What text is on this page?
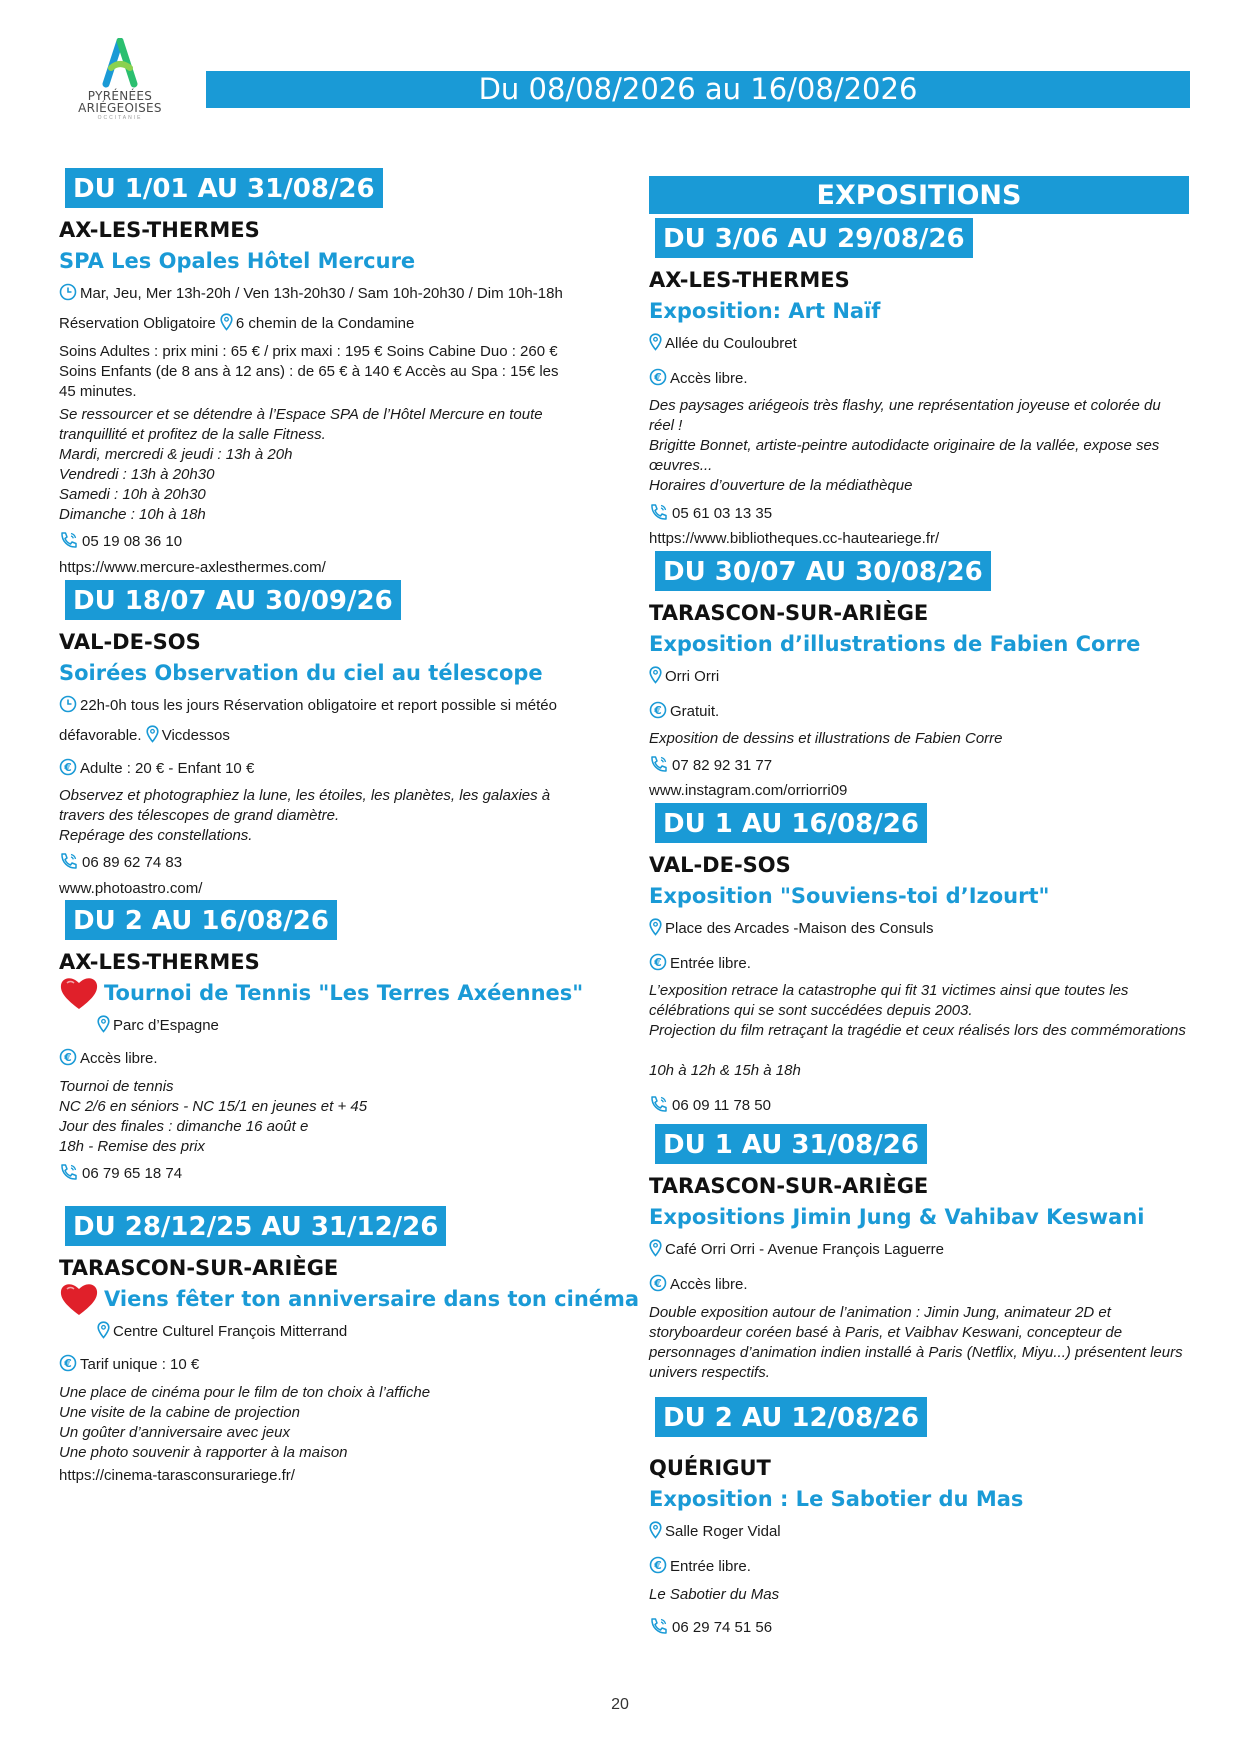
PYRÉNÉES
ARIÉGEOISES
OCCITANIE
Du 08/08/2026 au 16/08/2026
DU 1/01 AU 31/08/26
AX-LES-THERMES
SPA Les Opales Hôtel Mercure
Mar, Jeu, Mer 13h-20h / Ven 13h-20h30 / Sam 10h-20h30 / Dim 10h-18h
Réservation Obligatoire 6 chemin de la Condamine
Soins Adultes : prix mini : 65 € / prix maxi : 195 € Soins Cabine Duo : 260 € Soins Enfants (de 8 ans à 12 ans) : de 65 € à 140 € Accès au Spa : 15€ les 45 minutes.
Se ressourcer et se détendre à l’Espace SPA de l’Hôtel Mercure en toute tranquillité et profitez de la salle Fitness.
Mardi, mercredi & jeudi : 13h à 20h
Vendredi : 13h à 20h30
Samedi : 10h à 20h30
Dimanche : 10h à 18h
05 19 08 36 10
https://www.mercure-axlesthermes.com/
DU 18/07 AU 30/09/26
VAL-DE-SOS
Soirées Observation du ciel au télescope
22h-0h tous les jours Réservation obligatoire et report possible si météo
défavorable. Vicdessos
€ Adulte : 20 € - Enfant 10 €
Observez et photographiez la lune, les étoiles, les planètes, les galaxies à travers des télescopes de grand diamètre.
Repérage des constellations.
06 89 62 74 83
www.photoastro.com/
DU 2 AU 16/08/26
AX-LES-THERMES
Tournoi de Tennis "Les Terres Axéennes"
Parc d’Espagne
€ Accès libre.
Tournoi de tennis
NC 2/6 en séniors - NC 15/1 en jeunes et + 45
Jour des finales : dimanche 16 août e
18h - Remise des prix
06 79 65 18 74
DU 28/12/25 AU 31/12/26
TARASCON-SUR-ARIÈGE
Viens fêter ton anniversaire dans ton cinéma
Centre Culturel François Mitterrand
€ Tarif unique : 10 €
Une place de cinéma pour le film de ton choix à l’affiche
Une visite de la cabine de projection
Un goûter d’anniversaire avec jeux
Une photo souvenir à rapporter à la maison
https://cinema-tarasconsurariege.fr/
EXPOSITIONS
DU 3/06 AU 29/08/26
AX-LES-THERMES
Exposition: Art Naïf
Allée du Couloubret
€ Accès libre.
Des paysages ariégeois très flashy, une représentation joyeuse et colorée du réel !
Brigitte Bonnet, artiste-peintre autodidacte originaire de la vallée, expose ses œuvres...
Horaires d’ouverture de la médiathèque
05 61 03 13 35
https://www.bibliotheques.cc-hauteariege.fr/
DU 30/07 AU 30/08/26
TARASCON-SUR-ARIÈGE
Exposition d’illustrations de Fabien Corre
Orri Orri
€ Gratuit.
Exposition de dessins et illustrations de Fabien Corre
07 82 92 31 77
www.instagram.com/orriorri09
DU 1 AU 16/08/26
VAL-DE-SOS
Exposition "Souviens-toi d’Izourt"
Place des Arcades -Maison des Consuls
€ Entrée libre.
L’exposition retrace la catastrophe qui fit 31 victimes ainsi que toutes les célébrations qui se sont succédées depuis 2003.
Projection du film retraçant la tragédie et ceux réalisés lors des commémorations
10h à 12h & 15h à 18h
06 09 11 78 50
DU 1 AU 31/08/26
TARASCON-SUR-ARIÈGE
Expositions Jimin Jung & Vahibav Keswani
Café Orri Orri - Avenue François Laguerre
€ Accès libre.
Double exposition autour de l’animation : Jimin Jung, animateur 2D et storyboardeur coréen basé à Paris, et Vaibhav Keswani, concepteur de personnages d’animation indien installé à Paris (Netflix, Miyu...) présentent leurs univers respectifs.
DU 2 AU 12/08/26
QUÉRIGUT
Exposition : Le Sabotier du Mas
Salle Roger Vidal
€ Entrée libre.
Le Sabotier du Mas
06 29 74 51 56
20
